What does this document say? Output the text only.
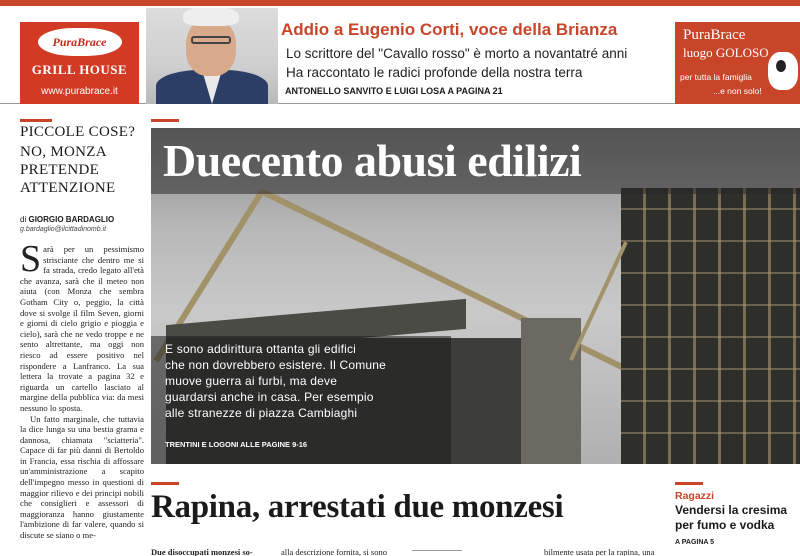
PuraBrace
GRILL HOUSE
www.purabrace.it
Addio a Eugenio Corti, voce della Brianza
Lo scrittore del "Cavallo rosso" è morto a novantatré anni
Ha raccontato le radici profonde della nostra terra
ANTONELLO SANVITO E LUIGI LOSA A PAGINA 21
PuraBrace
luogo GOLOSO
per tutta la famiglia
...e non solo!
PICCOLE COSE?
NO, MONZA
PRETENDE
ATTENZIONE
di GIORGIO BARDAGLIO
g.bardaglio@ilcittadinomb.it
S arà per un pessimismo strisciante che dentro me si fa strada, credo legato all'età che avanza, sarà che il meteo non aiuta (con Monza che sembra Gotham City o, peggio, la città dove si svolge il film Seven, giorni e giorni di cielo grigio e pioggia e cielo), sarà che ne vedo troppe e ne sento altrettante, ma oggi non riesco ad essere positivo nel rispondere a Lanfranco. La sua lettera la trovate a pagina 32 e riguarda un cartello lasciato al margine della pubblica via: da mesi nessuno lo sposta.

Un fatto marginale, che tuttavia la dice lunga su una bestia grama e dannosa, chiamata "sciatteria". Capace di far più danni di Bertoldo in Francia, essa rischia di affossare un'amministrazione a scapito dell'impegno messo in questioni di maggior rilievo e dei principi nobili che consiglieri e assessori di maggioranza hanno giustamente l'ambizione di far valere, quando si discute se siano o me-

Duecento abusi edilizi
E sono addirittura ottanta gli edifici
che non dovrebbero esistere. Il Comune
muove guerra ai furbi, ma deve
guardarsi anche in casa. Per esempio
alle stranezze di piazza Cambiaghi
TRENTINI E LOGONI ALLE PAGINE 9-16
Rapina, arrestati due monzesi
Due disoccupati monzesi so-	alla descrizione fornita, si sono	bilmente usata per la rapina, una
Ragazzi
Vendersi la cresima
per fumo e vodka
A PAGINA 5
